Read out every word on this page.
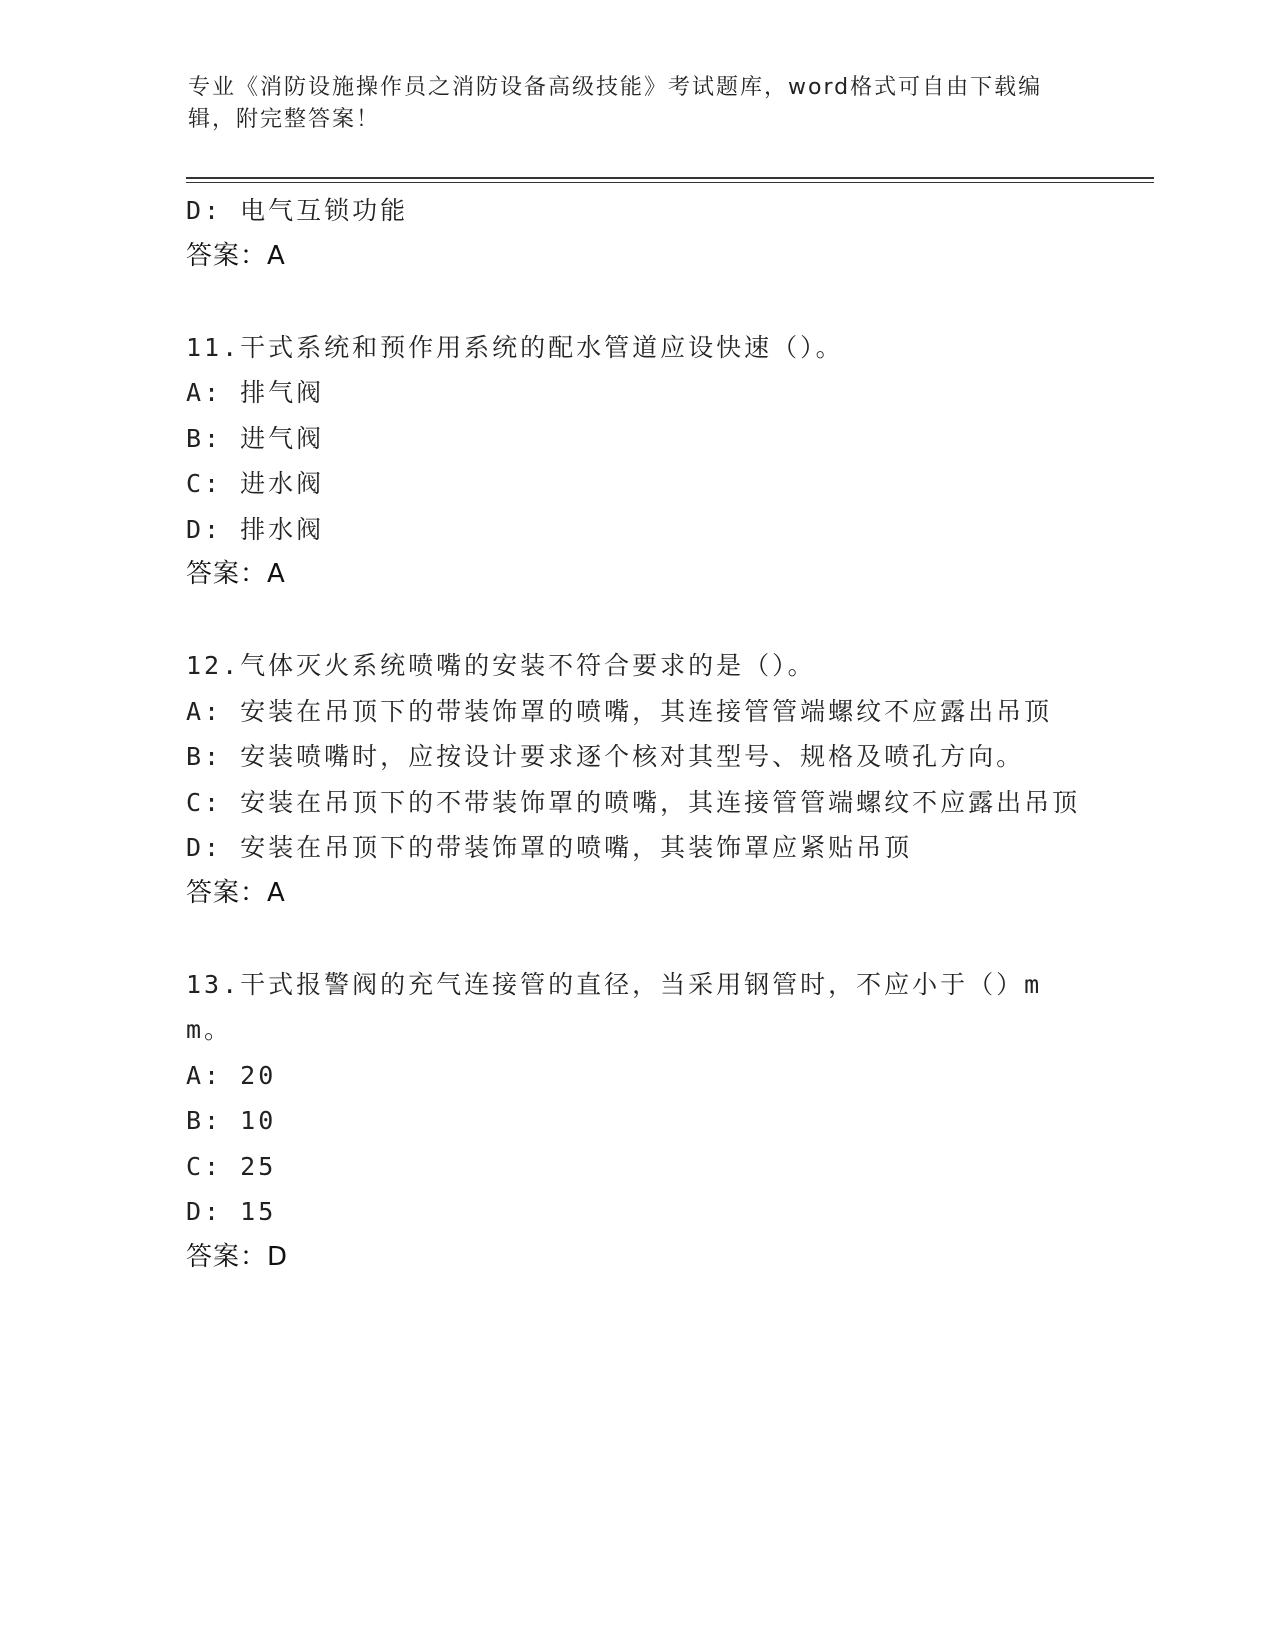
专业《消防设施操作员之消防设备高级技能》考试题库，word格式可自由下载编辑，附完整答案！
D: 电气互锁功能
答案：A
11.干式系统和预作用系统的配水管道应设快速（）。
A: 排气阀
B: 进气阀
C: 进水阀
D: 排水阀
答案：A
12.气体灭火系统喷嘴的安装不符合要求的是（）。
A: 安装在吊顶下的带装饰罩的喷嘴，其连接管管端螺纹不应露出吊顶
B: 安装喷嘴时，应按设计要求逐个核对其型号、规格及喷孔方向。
C: 安装在吊顶下的不带装饰罩的喷嘴，其连接管管端螺纹不应露出吊顶
D: 安装在吊顶下的带装饰罩的喷嘴，其装饰罩应紧贴吊顶
答案：A
13.干式报警阀的充气连接管的直径，当采用钢管时，不应小于（）mm。
A: 20
B: 10
C: 25
D: 15
答案：D
